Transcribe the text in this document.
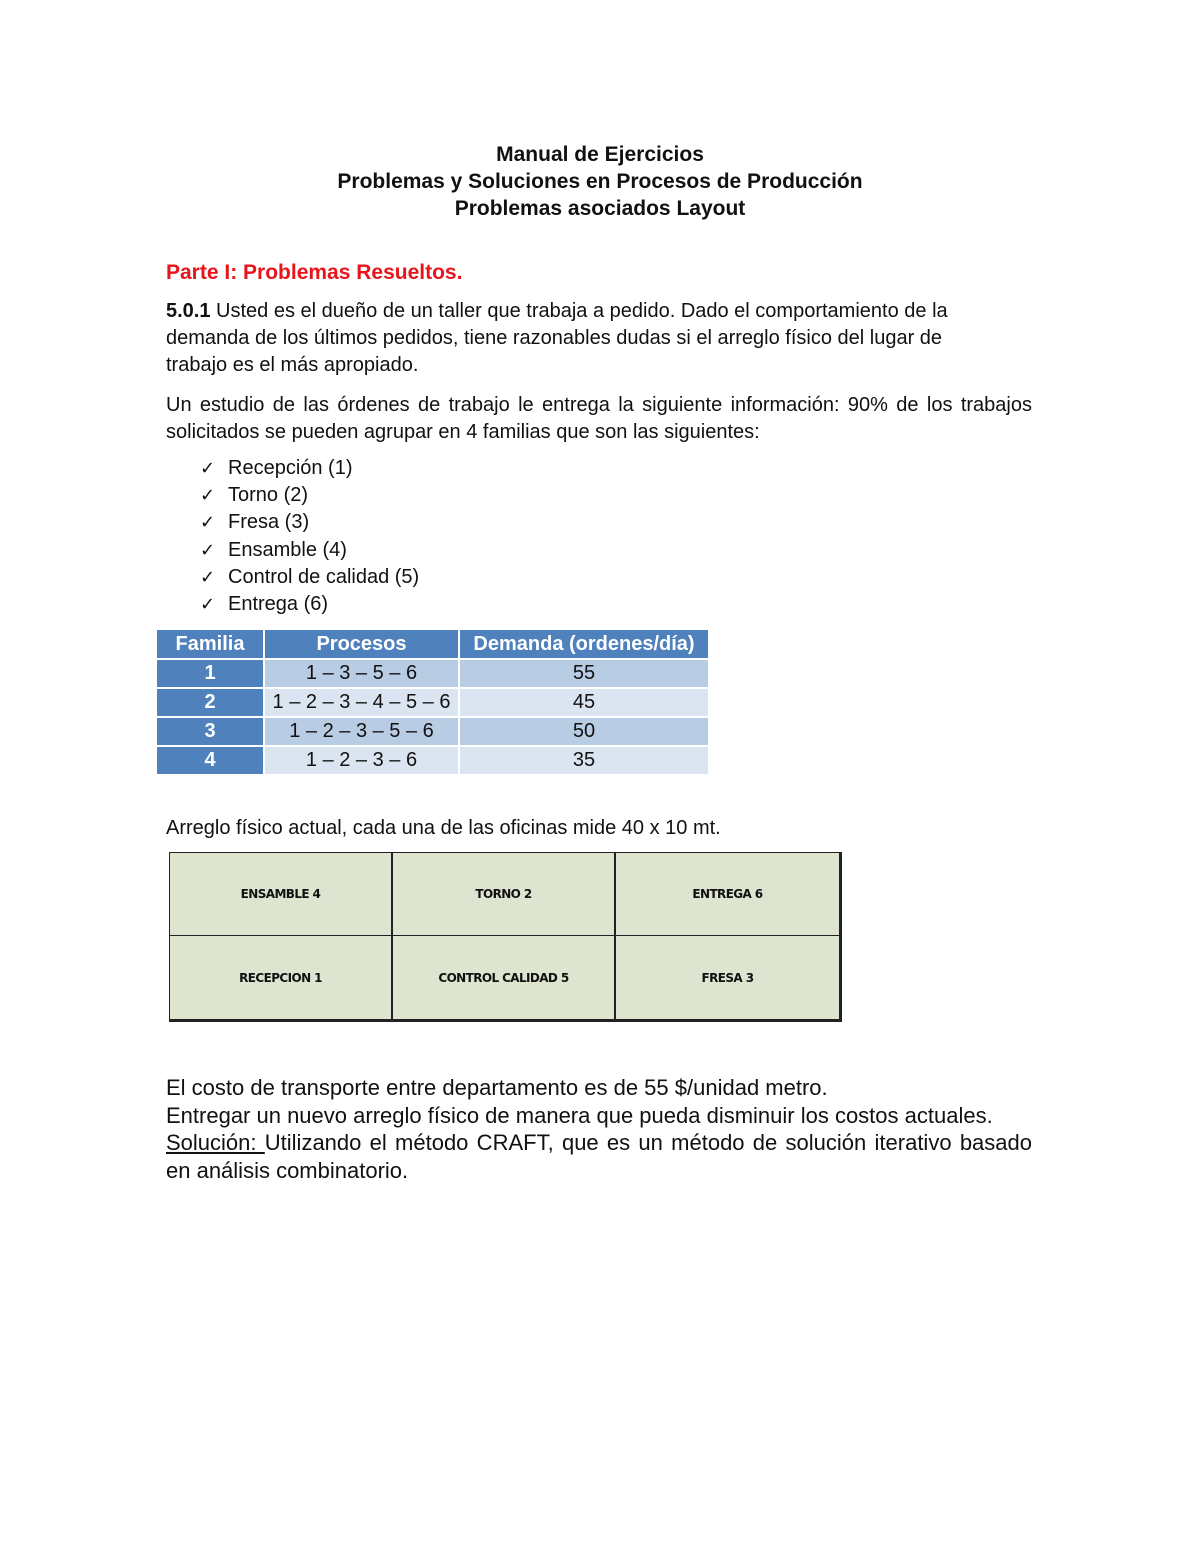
Manual de Ejercicios
Problemas y Soluciones en Procesos de Producción
Problemas asociados Layout
Parte I: Problemas Resueltos.
5.0.1 Usted es el dueño de un taller que trabaja a pedido. Dado el comportamiento de la
demanda de los últimos pedidos, tiene razonables dudas si el arreglo físico del lugar de
trabajo es el más apropiado.
Un estudio de las órdenes de trabajo le entrega la siguiente información: 90% de los trabajos solicitados se pueden agrupar en 4 familias que son las siguientes:
✓ Recepción (1)
✓ Torno (2)
✓ Fresa (3)
✓ Ensamble (4)
✓ Control de calidad (5)
✓ Entrega (6)
Familia	Procesos	Demanda (ordenes/día)
1	1 – 3 – 5 – 6	55
2	1 – 2 – 3 – 4 – 5 – 6	45
3	1 – 2 – 3 – 5 – 6	50
4	1 – 2 – 3 – 6	35
Arreglo físico actual, cada una de las oficinas mide 40 x 10 mt.
ENSAMBLE 4	TORNO 2	ENTREGA 6
RECEPCION 1	CONTROL CALIDAD 5	FRESA 3
El costo de transporte entre departamento es de 55 $/unidad metro.
Entregar un nuevo arreglo físico de manera que pueda disminuir los costos actuales.
Solución: Utilizando el método CRAFT, que es un método de solución iterativo basado en análisis combinatorio.
